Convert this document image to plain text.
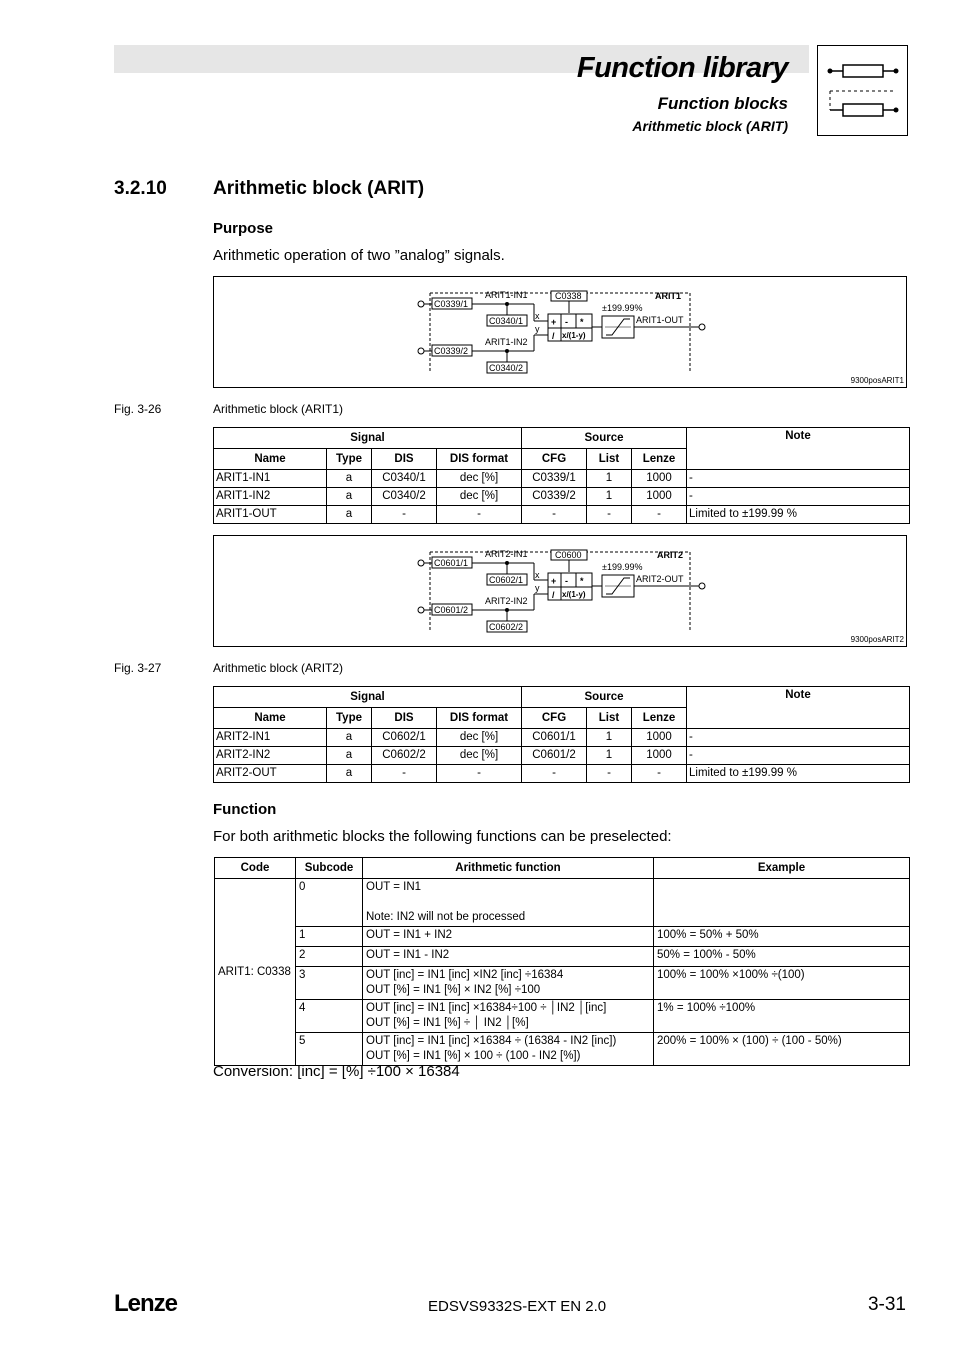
Function library
Function blocks
Arithmetic block (ARIT)
3.2.10 Arithmetic block (ARIT)
Purpose
Arithmetic operation of two ”analog” signals.
C0339/1
C0339/2
ARIT1-IN1
ARIT1-IN2
C0340/1
C0340/2
x
y
C0338
+ - *
/ x/(1-y)
±199.99%
ARIT1-OUT
ARIT1
9300posARIT1
Fig. 3-26	Arithmetic block (ARIT1)
Signal				Source			Note
Name	Type	DIS	DIS format	CFG	List	Lenze	
ARIT1-IN1	a	C0340/1	dec [%]	C0339/1	1	1000	-
ARIT1-IN2	a	C0340/2	dec [%]	C0339/2	1	1000	-
ARIT1-OUT	a	-	-	-	-	-	Limited to ±199.99 %
C0601/1
C0601/2
ARIT2-IN1
ARIT2-IN2
C0602/1
C0602/2
x
y
C0600
+ - *
/ x/(1-y)
±199.99%
ARIT2-OUT
ARIT2
9300posARIT2
Fig. 3-27	Arithmetic block (ARIT2)
Signal				Source			Note
Name	Type	DIS	DIS format	CFG	List	Lenze	
ARIT2-IN1	a	C0602/1	dec [%]	C0601/1	1	1000	-
ARIT2-IN2	a	C0602/2	dec [%]	C0601/2	1	1000	-
ARIT2-OUT	a	-	-	-	-	-	Limited to ±199.99 %
Function
For both arithmetic blocks the following functions can be preselected:
Code	Subcode	Arithmetic function	Example
ARIT1: C0338	0	OUT = IN1
Note: IN2 will not be processed	

	1	OUT = IN1 + IN2	100% = 50% + 50%
	2	OUT = IN1 - IN2	50% = 100% - 50%
	3	OUT [inc] = IN1 [inc] ×IN2 [inc] ÷16384
OUT [%] = IN1 [%] × IN2 [%] ÷100	100% = 100% ×100% ÷(100)
	4	OUT [inc] = IN1 [inc] ×16384÷100 ÷ │IN2 │[inc]
OUT [%] = IN1 [%] ÷ │ IN2 │[%]	1% = 100% ÷100%
	5	OUT [inc] = IN1 [inc] ×16384 ÷ (16384 - IN2 [inc])
OUT [%] = IN1 [%] × 100 ÷ (100 - IN2 [%])	200% = 100% × (100) ÷ (100 - 50%)
Conversion: [inc] = [%] ÷100 × 16384
Lenze	EDSVS9332S-EXT EN 2.0	3-31
